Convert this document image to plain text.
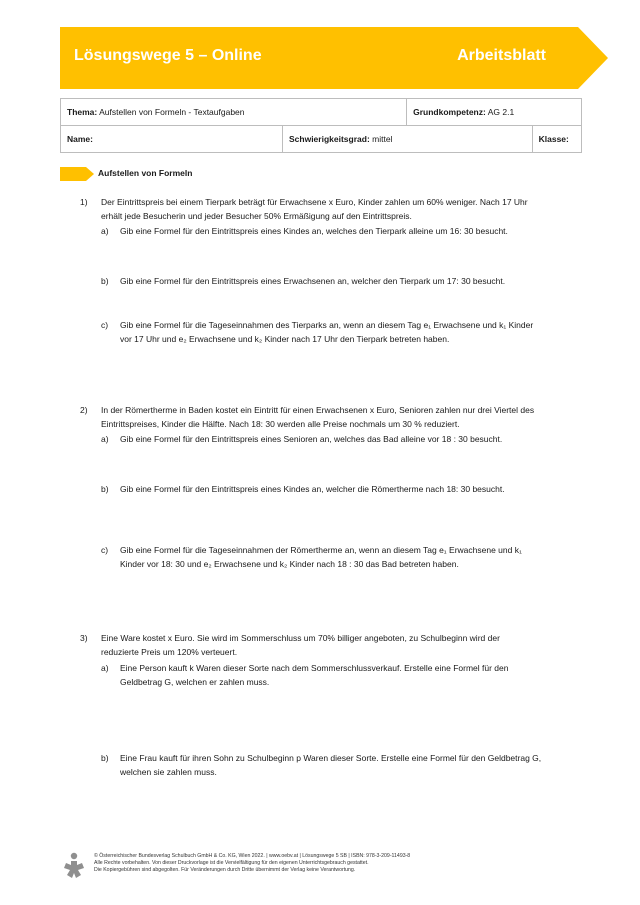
Lösungswege 5 – Online	Arbeitsblatt
Thema: Aufstellen von Formeln - Textaufgaben		Grundkompetenz: AG 2.1	
Name:	Schwierigkeitsgrad: mittel		Klasse:
Aufstellen von Formeln
1) Der Eintrittspreis bei einem Tierpark beträgt für Erwachsene x Euro, Kinder zahlen um 60% weniger. Nach 17 Uhr
erhält jede Besucherin und jeder Besucher 50% Ermäßigung auf den Eintrittspreis.
a) Gib eine Formel für den Eintrittspreis eines Kindes an, welches den Tierpark alleine um 16: 30 besucht.
b) Gib eine Formel für den Eintrittspreis eines Erwachsenen an, welcher den Tierpark um 17: 30 besucht.
c) Gib eine Formel für die Tageseinnahmen des Tierparks an, wenn an diesem Tag e₁ Erwachsene und k₁ Kinder
vor 17 Uhr und e₂ Erwachsene und k₂ Kinder nach 17 Uhr den Tierpark betreten haben.
2) In der Römertherme in Baden kostet ein Eintritt für einen Erwachsenen x Euro, Senioren zahlen nur drei Viertel des
Eintrittspreises, Kinder die Hälfte. Nach 18: 30 werden alle Preise nochmals um 30 % reduziert.
a) Gib eine Formel für den Eintrittspreis eines Senioren an, welches das Bad alleine vor 18 : 30 besucht.
b) Gib eine Formel für den Eintrittspreis eines Kindes an, welcher die Römertherme nach 18: 30 besucht.
c) Gib eine Formel für die Tageseinnahmen der Römertherme an, wenn an diesem Tag e₁ Erwachsene und k₁
Kinder vor 18: 30 und e₂ Erwachsene und k₂ Kinder nach 18 : 30 das Bad betreten haben.
3) Eine Ware kostet x Euro. Sie wird im Sommerschluss um 70% billiger angeboten, zu Schulbeginn wird der
reduzierte Preis um 120% verteuert.
a) Eine Person kauft k Waren dieser Sorte nach dem Sommerschlussverkauf. Erstelle eine Formel für den
Geldbetrag G, welchen er zahlen muss.
b) Eine Frau kauft für ihren Sohn zu Schulbeginn p Waren dieser Sorte. Erstelle eine Formel für den Geldbetrag G,
welchen sie zahlen muss.
© Österreichischer Bundesverlag Schulbuch GmbH & Co. KG, Wien 2022. | www.oebv.at | Lösungswege 5 SB | ISBN: 978-3-209-11493-8
Alle Rechte vorbehalten. Von dieser Druckvorlage ist die Vervielfältigung für den eigenen Unterrichtsgebrauch gestattet.
Die Kopiergebühren sind abgegolten. Für Veränderungen durch Dritte übernimmt der Verlag keine Verantwortung.
